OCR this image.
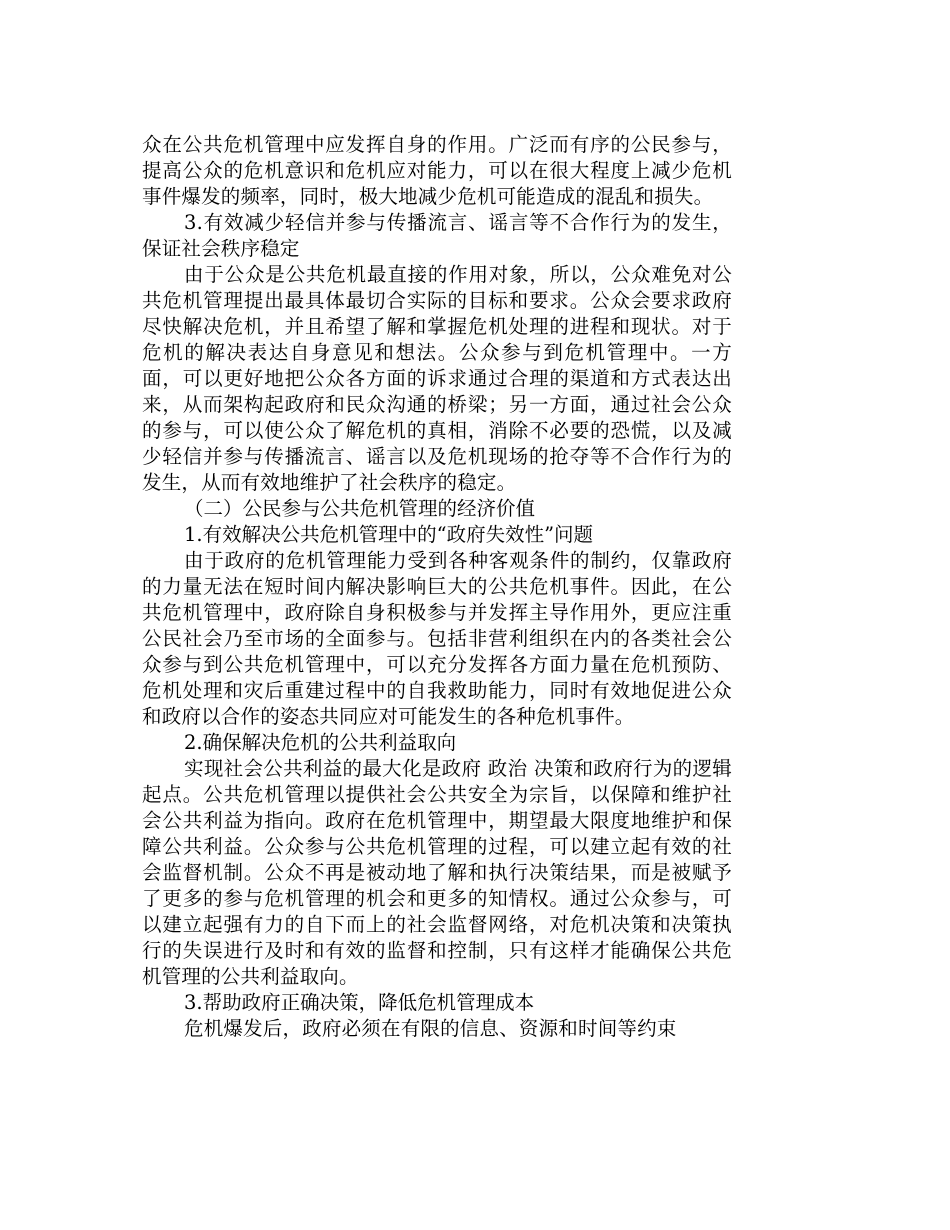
众在公共危机管理中应发挥自身的作用。广泛而有序的公民参与，提高公众的危机意识和危机应对能力，可以在很大程度上减少危机事件爆发的频率，同时，极大地减少危机可能造成的混乱和损失。

3.有效减少轻信并参与传播流言、谣言等不合作行为的发生，保证社会秩序稳定

由于公众是公共危机最直接的作用对象，所以，公众难免对公共危机管理提出最具体最切合实际的目标和要求。公众会要求政府尽快解决危机，并且希望了解和掌握危机处理的进程和现状。对于危机的解决表达自身意见和想法。公众参与到危机管理中。一方面，可以更好地把公众各方面的诉求通过合理的渠道和方式表达出来，从而架构起政府和民众沟通的桥梁；另一方面，通过社会公众的参与，可以使公众了解危机的真相，消除不必要的恐慌，以及减少轻信并参与传播流言、谣言以及危机现场的抢夺等不合作行为的发生，从而有效地维护了社会秩序的稳定。

（二）公民参与公共危机管理的经济价值

1.有效解决公共危机管理中的“政府失效性”问题

由于政府的危机管理能力受到各种客观条件的制约，仅靠政府的力量无法在短时间内解决影响巨大的公共危机事件。因此，在公共危机管理中，政府除自身积极参与并发挥主导作用外，更应注重公民社会乃至市场的全面参与。包括非营利组织在内的各类社会公众参与到公共危机管理中，可以充分发挥各方面力量在危机预防、危机处理和灾后重建过程中的自我救助能力，同时有效地促进公众和政府以合作的姿态共同应对可能发生的各种危机事件。

2.确保解决危机的公共利益取向

实现社会公共利益的最大化是政府 政治 决策和政府行为的逻辑起点。公共危机管理以提供社会公共安全为宗旨，以保障和维护社会公共利益为指向。政府在危机管理中，期望最大限度地维护和保障公共利益。公众参与公共危机管理的过程，可以建立起有效的社会监督机制。公众不再是被动地了解和执行决策结果，而是被赋予了更多的参与危机管理的机会和更多的知情权。通过公众参与，可以建立起强有力的自下而上的社会监督网络，对危机决策和决策执行的失误进行及时和有效的监督和控制，只有这样才能确保公共危机管理的公共利益取向。

3.帮助政府正确决策，降低危机管理成本

危机爆发后，政府必须在有限的信息、资源和时间等约束
